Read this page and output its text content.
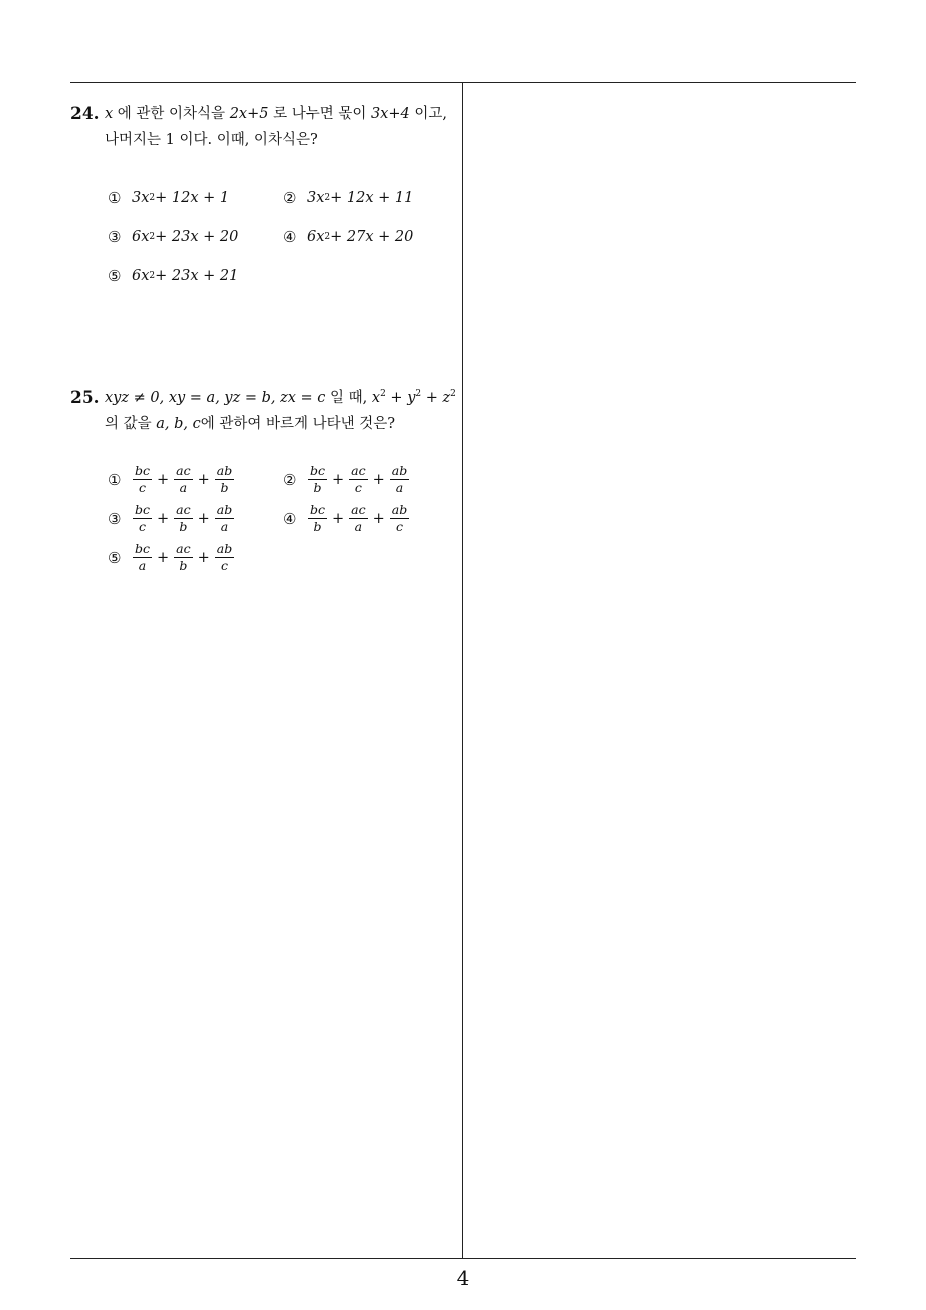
24. x 에 관한 이차식을 2x+5 로 나누면 몫이 3x+4 이고,
나머지는 1 이다. 이때, 이차식은?
① 3x 2 + 12x + 1	② 3x 2 + 12x + 11
③ 6x 2 + 23x + 20	④ 6x 2 + 27x + 20
⑤ 6x 2 + 23x + 21
25. xyz ≠ 0, xy = a, yz = b, zx = c 일 때, $x^2 + y^2 + z^2$
의 값을 a, b, c에 관하여 바르게 나타낸 것은?
① $\frac{bc}{c} + \frac{ac}{a} + \frac{ab}{b}$	② $\frac{bc}{b} + \frac{ac}{c} + \frac{ab}{a}$
③ $\frac{bc}{c} + \frac{ac}{b} + \frac{ab}{a}$	④ $\frac{bc}{b} + \frac{ac}{a} + \frac{ab}{c}$
⑤ $\frac{bc}{a} + \frac{ac}{b} + \frac{ab}{c}$
4
